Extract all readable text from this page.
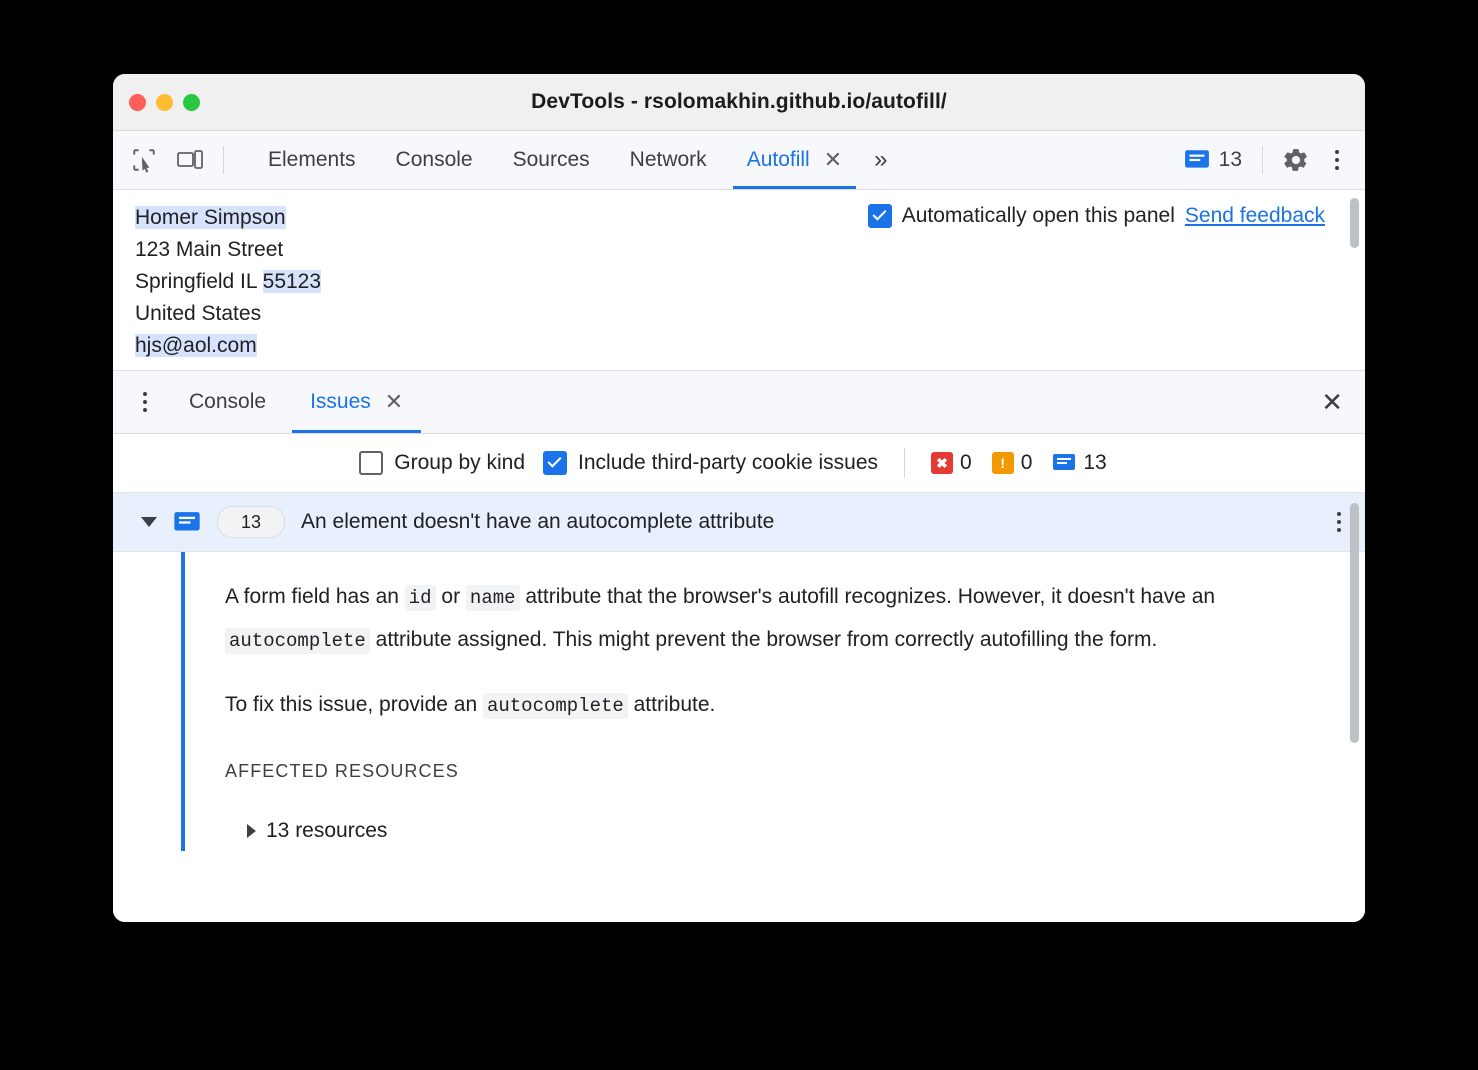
DevTools - rsolomakhin.github.io/autofill/
Elements Console Sources Network Autofill ✕	»	13
Automatically open this panel Send feedback
Homer Simpson
123 Main Street
Springfield IL 55123
United States
hjs@aol.com
Console Issues ✕	✕
Group by kind	Include third-party cookie issues	✖ 0	! 0 13
13	An element doesn't have an autocomplete attribute

A form field has an id or name attribute that the browser's autofill recognizes. However, it doesn't have an autocomplete attribute assigned. This might prevent the browser from correctly autofilling the form.

To fix this issue, provide an autocomplete attribute.

AFFECTED RESOURCES
13 resources
